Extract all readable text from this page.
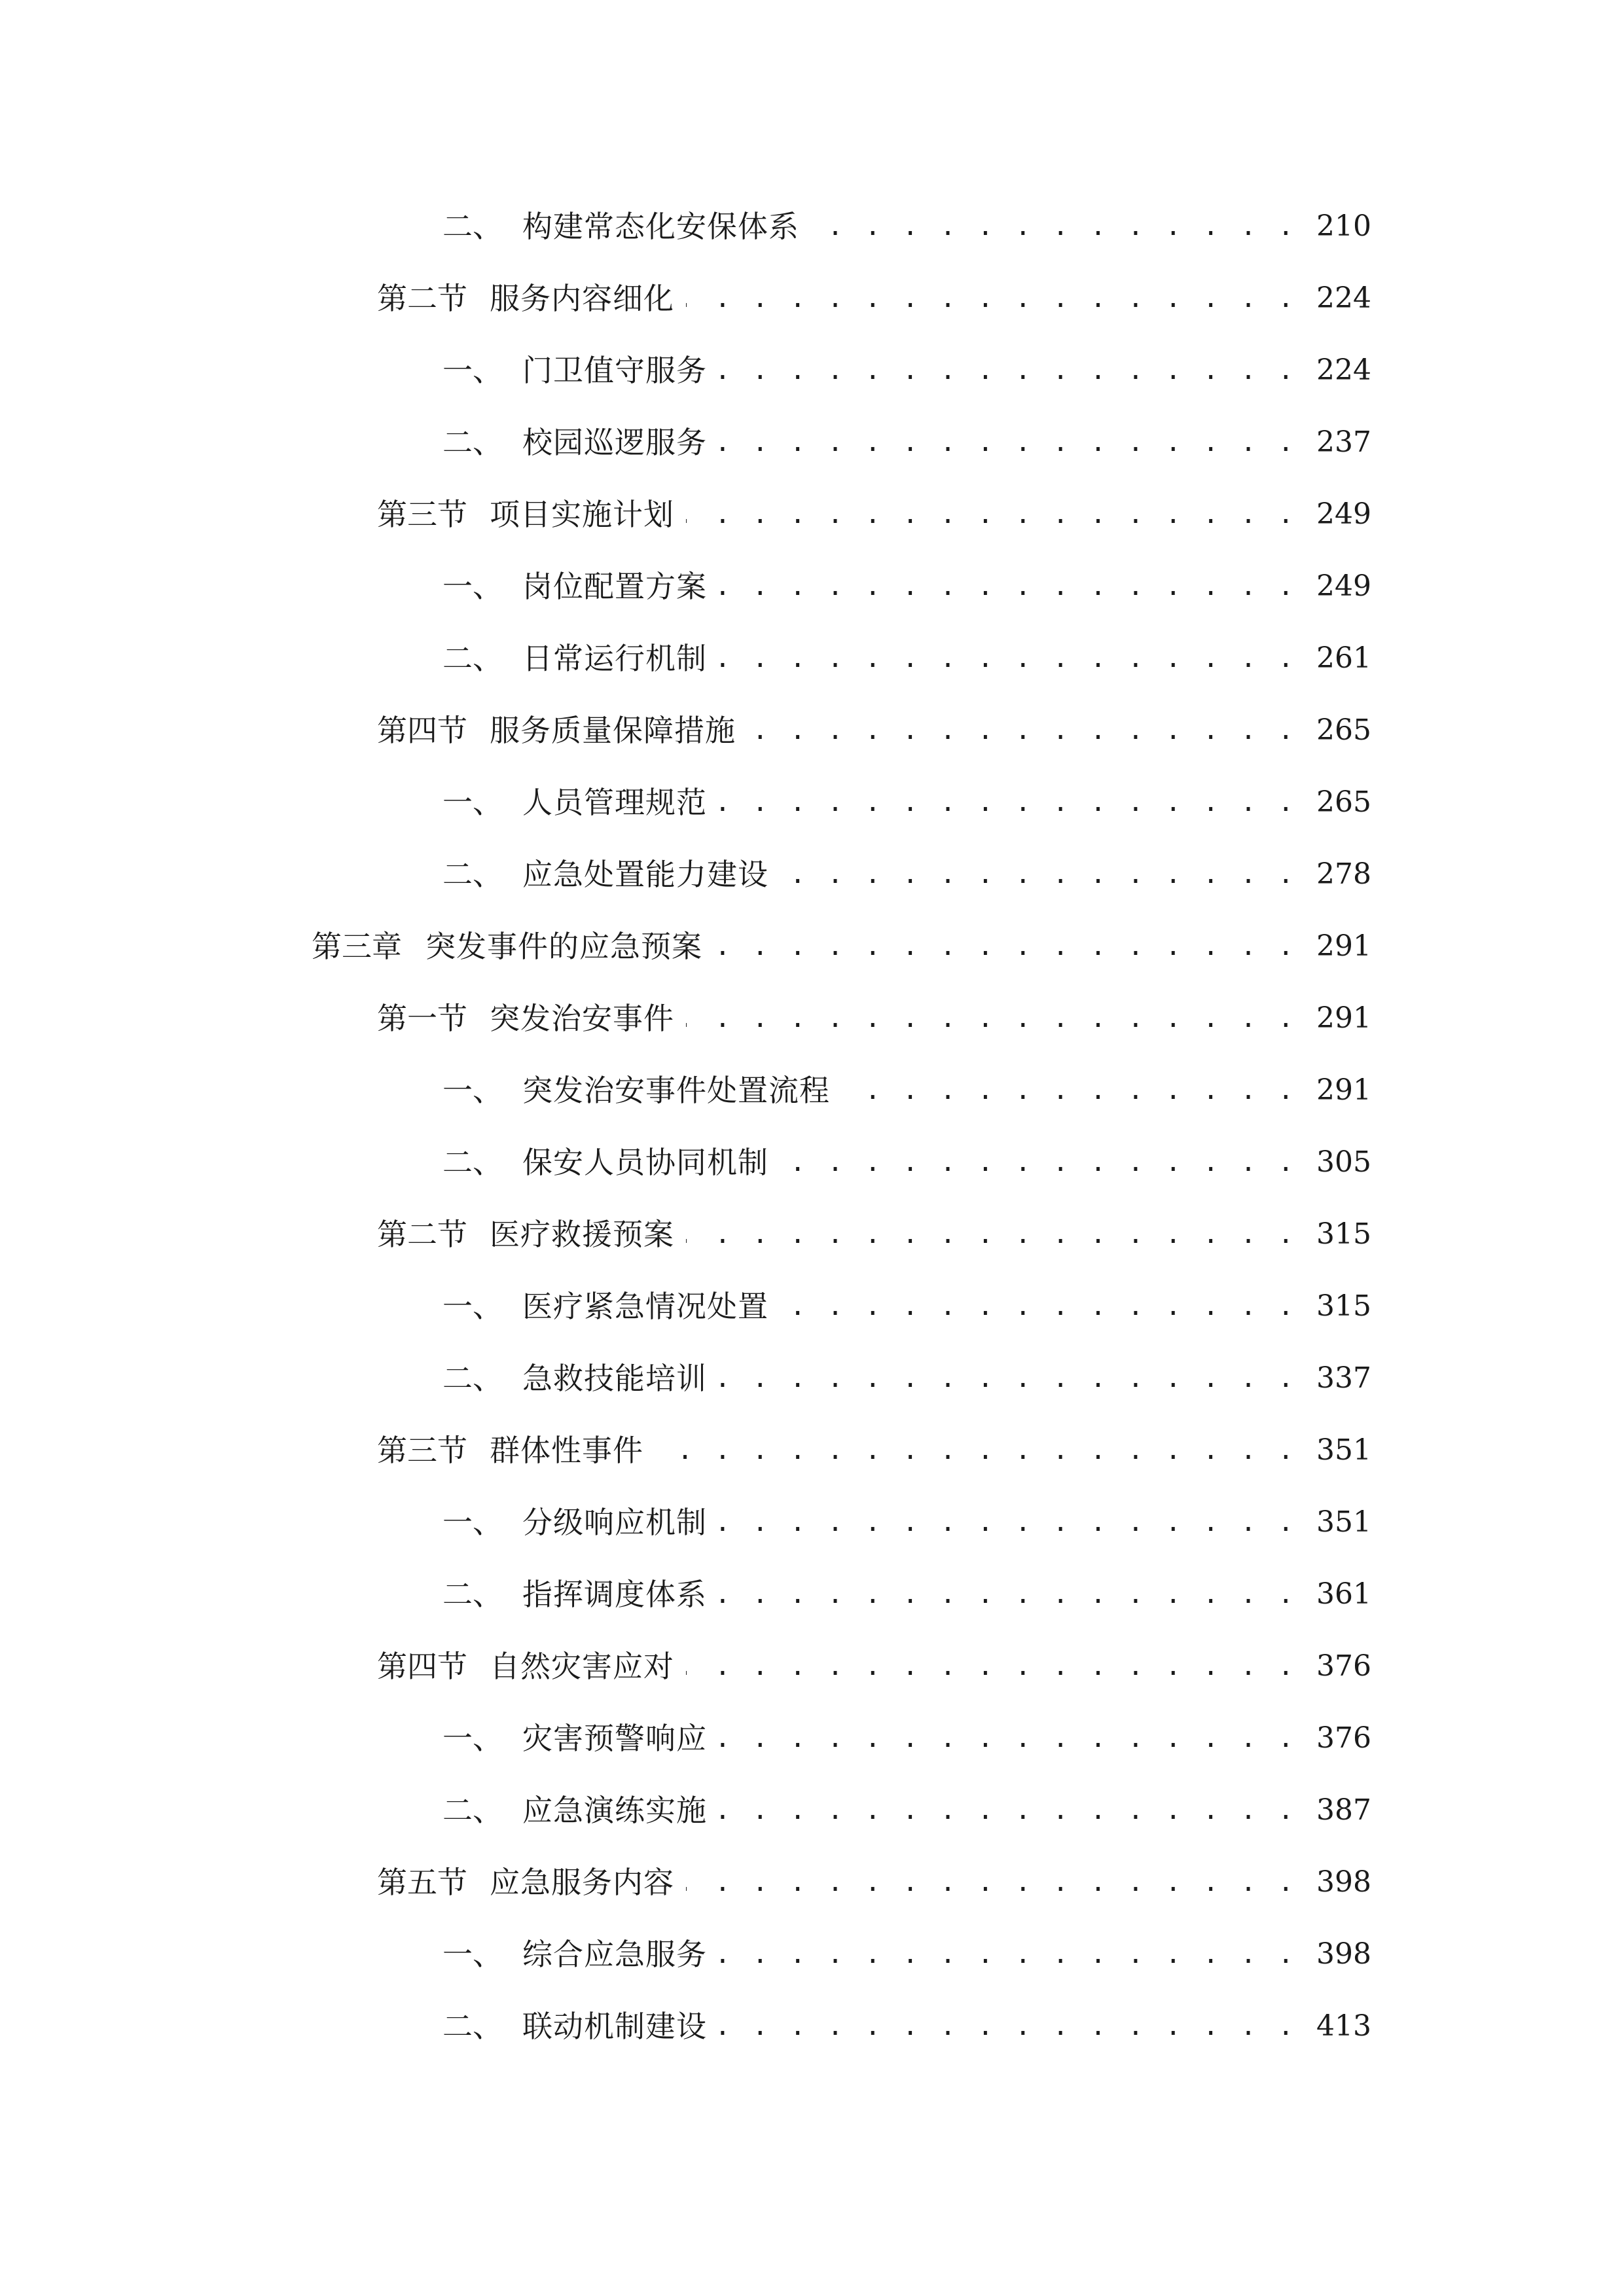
二、 构建常态化安保体系 . . .	210
第二节 服务内容细化 . . .	224
一、 门卫值守服务 . . .	224
二、 校园巡逻服务 . . .	237
第三节 项目实施计划 . . .	249
一、 岗位配置方案 . . .	249
二、 日常运行机制 . . .	261
第四节 服务质量保障措施 . . .	265
一、 人员管理规范 . . .	265
二、 应急处置能力建设 . . .	278
第三章 突发事件的应急预案 . . .	291
第一节 突发治安事件 . . .	291
一、 突发治安事件处置流程 . . .	291
二、 保安人员协同机制 . . .	305
第二节 医疗救援预案 . . .	315
一、 医疗紧急情况处置 . . .	315
二、 急救技能培训 . . .	337
第三节 群体性事件 . . .	351
一、 分级响应机制 . . .	351
二、 指挥调度体系 . . .	361
第四节 自然灾害应对 . . .	376
一、 灾害预警响应 . . .	376
二、 应急演练实施 . . .	387
第五节 应急服务内容 . . .	398
一、 综合应急服务 . . .	398
二、 联动机制建设 . . .	413
